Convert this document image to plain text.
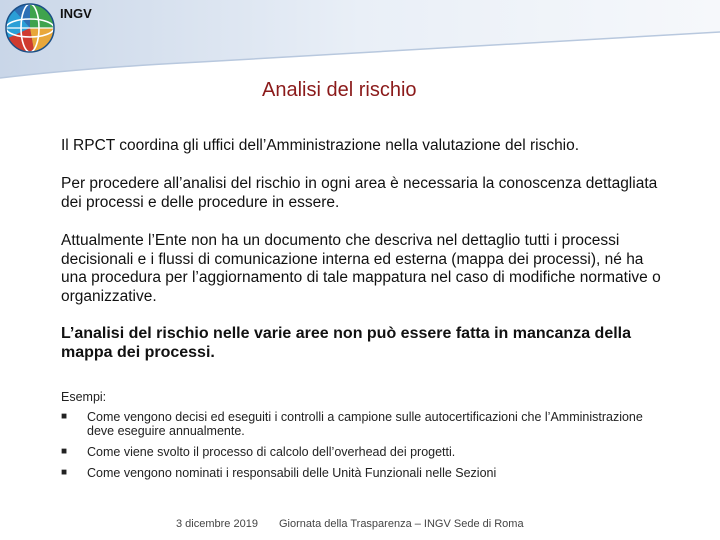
INGV
Analisi del rischio
Il RPCT coordina gli uffici dell’Amministrazione nella valutazione del rischio.
Per procedere all’analisi del rischio in ogni area è necessaria la conoscenza dettagliata dei processi e delle procedure in essere.
Attualmente l’Ente non ha un documento che descriva nel dettaglio tutti i processi decisionali e i flussi di comunicazione interna ed esterna (mappa dei processi), né ha una procedura per l’aggiornamento di tale mappatura nel caso di modifiche normative o organizzative.
L’analisi del rischio nelle varie aree non può essere fatta in mancanza della mappa dei processi.
Esempi:
■ Come vengono decisi ed eseguiti i controlli a campione sulle autocertificazioni che l’Amministrazione deve eseguire annualmente.
■ Come viene svolto il processo di calcolo dell’overhead dei progetti.
■ Come vengono nominati i responsabili delle Unità Funzionali nelle Sezioni
3 dicembre 2019 Giornata della Trasparenza – INGV Sede di Roma
